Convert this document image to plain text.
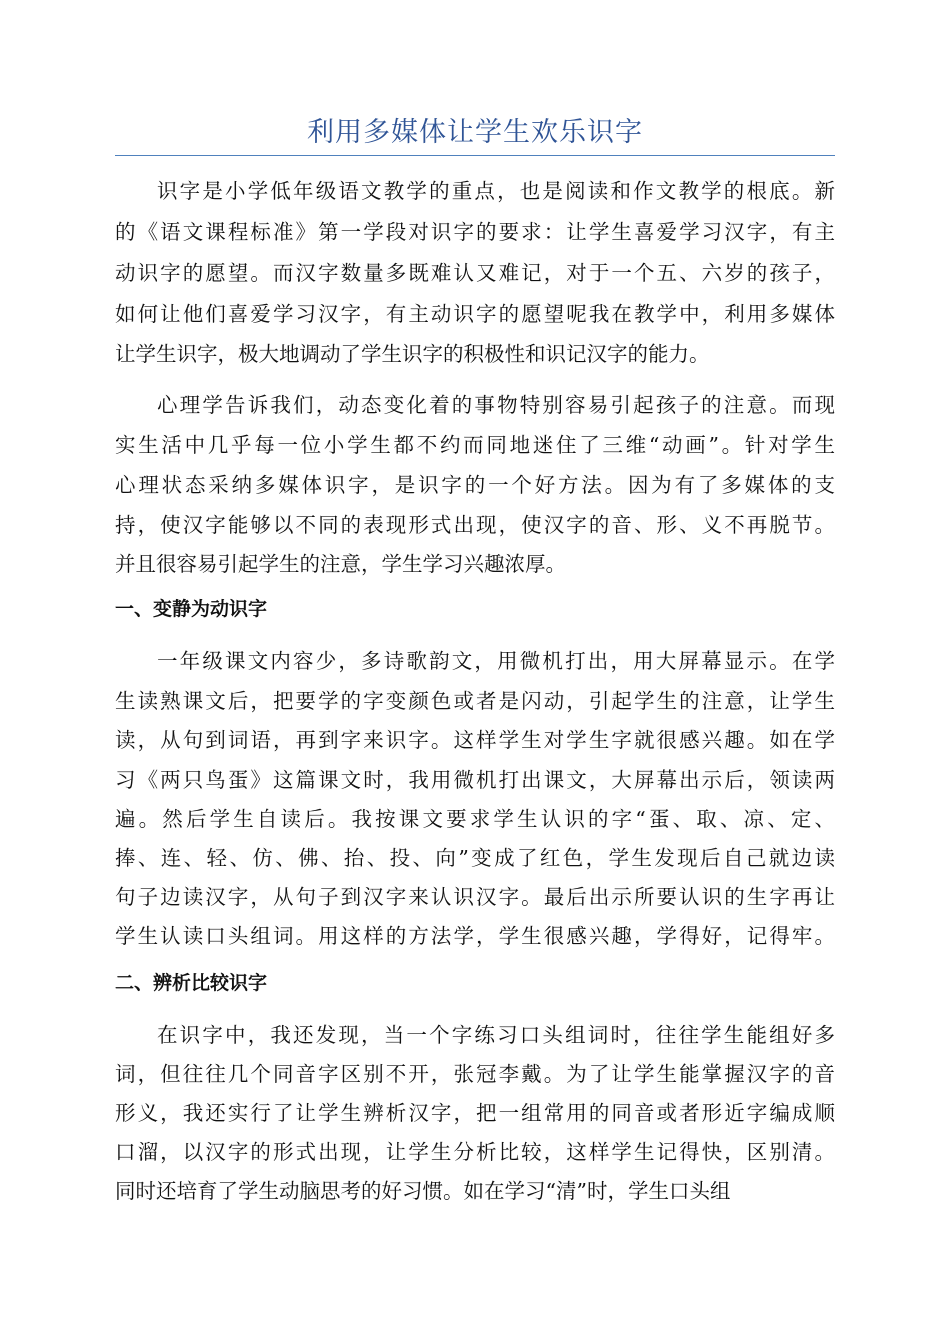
利用多媒体让学生欢乐识字
识字是小学低年级语文教学的重点，也是阅读和作文教学的根底。新
的《语文课程标准》第一学段对识字的要求：让学生喜爱学习汉字，有主
动识字的愿望。而汉字数量多既难认又难记，对于一个五、六岁的孩子，
如何让他们喜爱学习汉字，有主动识字的愿望呢我在教学中，利用多媒体
让学生识字，极大地调动了学生识字的积极性和识记汉字的能力。
心理学告诉我们，动态变化着的事物特别容易引起孩子的注意。而现
实生活中几乎每一位小学生都不约而同地迷住了三维“动画”。针对学生
心理状态采纳多媒体识字，是识字的一个好方法。因为有了多媒体的支
持，使汉字能够以不同的表现形式出现，使汉字的音、形、义不再脱节。
并且很容易引起学生的注意，学生学习兴趣浓厚。
一、变静为动识字
一年级课文内容少，多诗歌韵文，用微机打出，用大屏幕显示。在学
生读熟课文后，把要学的字变颜色或者是闪动，引起学生的注意，让学生
读，从句到词语，再到字来识字。这样学生对学生字就很感兴趣。如在学
习《两只鸟蛋》这篇课文时，我用微机打出课文，大屏幕出示后，领读两
遍。然后学生自读后。我按课文要求学生认识的字“蛋、取、凉、定、
捧、连、轻、仿、佛、抬、投、向”变成了红色，学生发现后自己就边读
句子边读汉字，从句子到汉字来认识汉字。最后出示所要认识的生字再让
学生认读口头组词。用这样的方法学，学生很感兴趣，学得好，记得牢。
二、辨析比较识字
在识字中，我还发现，当一个字练习口头组词时，往往学生能组好多
词，但往往几个同音字区别不开，张冠李戴。为了让学生能掌握汉字的音
形义，我还实行了让学生辨析汉字，把一组常用的同音或者形近字编成顺
口溜，以汉字的形式出现，让学生分析比较，这样学生记得快，区别清。
同时还培育了学生动脑思考的好习惯。如在学习“清”时，学生口头组
